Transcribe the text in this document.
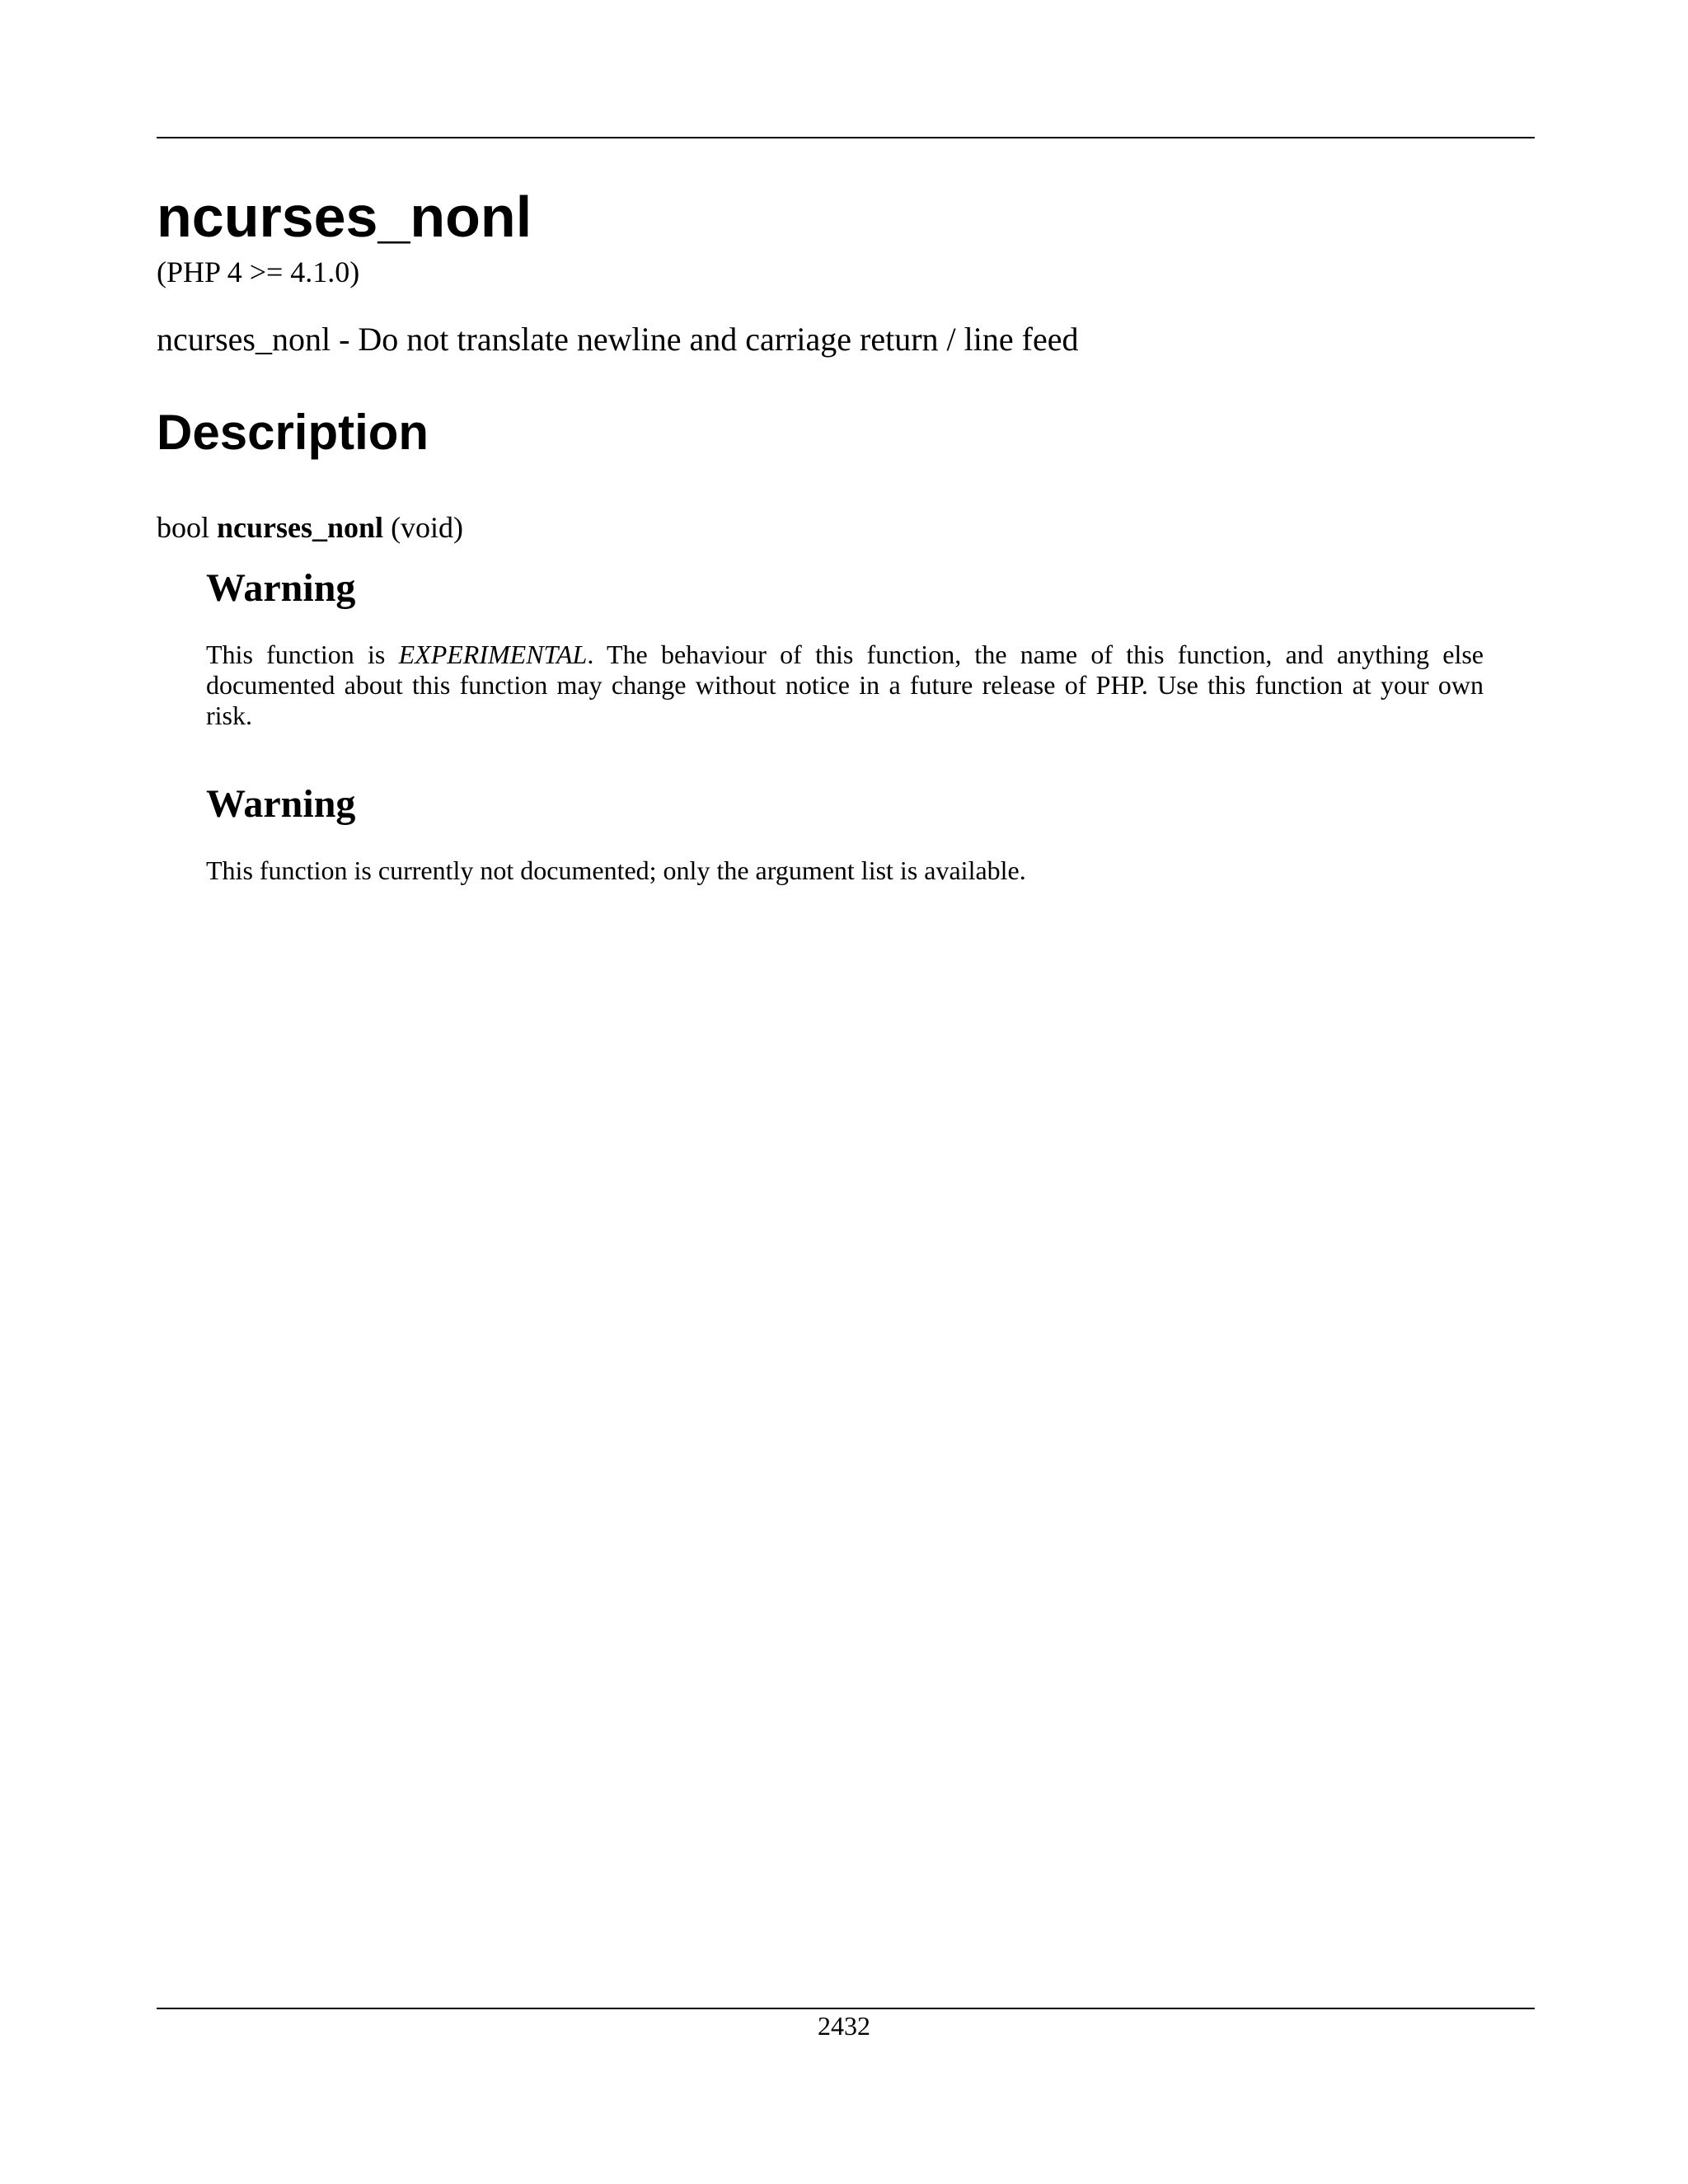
ncurses_nonl
(PHP 4 >= 4.1.0)
ncurses_nonl - Do not translate newline and carriage return / line feed
Description
bool ncurses_nonl (void)
Warning

This function is EXPERIMENTAL. The behaviour of this function, the name of this function, and anything else documented about this function may change without notice in a future release of PHP. Use this function at your own risk.

Warning

This function is currently not documented; only the argument list is available.

2432
